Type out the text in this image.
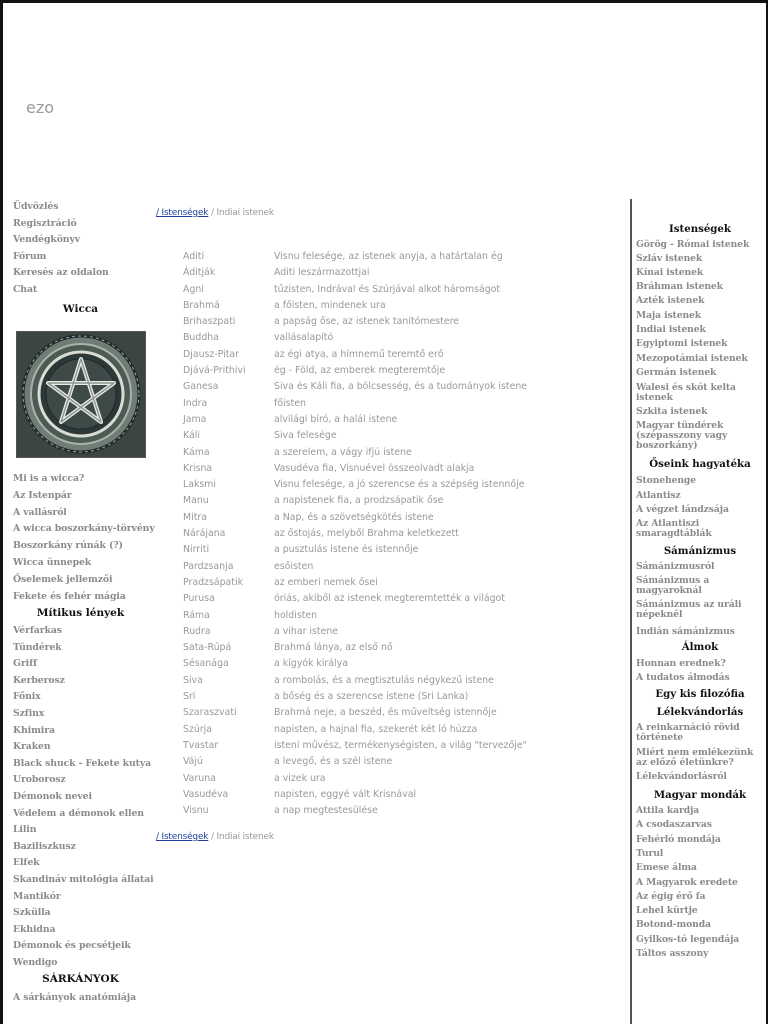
ezo
Üdvözlés
Regisztráció
Vendégkönyv
Fórum
Keresés az oldalon
Chat
Wicca
Mi is a wicca?
Az Istenpár
A vallásról
A wicca boszorkány-törvény
Boszorkány rúnák (?)
Wicca ünnepek
Őselemek jellemzői
Fekete és fehér mágia
Mítikus lények
Vérfarkas
Tündérek
Griff
Kerberosz
Főnix
Szfinx
Khimira
Kraken
Black shuck - Fekete kutya
Uroborosz
Démonok nevei
Védelem a démonok ellen
Lilin
Baziliszkusz
Elfek
Skandináv mitológia állatai
Mantikór
Szkülla
Ekhidna
Démonok és pecsétjeik
Wendigo
SÁRKÁNYOK
A sárkányok anatómiája
/ Istenségek / Indiai istenek
Aditi	Visnu felesége, az istenek anyja, a határtalan ég
Áditják	Aditi leszármazottjai
Agni	tűzisten, Indrával és Szúrjával alkot háromságot
Brahmá	a főisten, mindenek ura
Brihaszpati	a papság őse, az istenek tanítómestere
Buddha	vallásalapító
Djausz-Pitar	az égi atya, a hímnemű teremtő erő
Djává-Prithivi	ég - Föld, az emberek megteremtője
Ganesa	Siva és Káli fia, a bölcsesség, és a tudományok istene
Indra	főisten
Jama	alvilági bíró, a halál istene
Káli	Siva felesége
Káma	a szerelem, a vágy ifjú istene
Krisna	Vasudéva fia, Visnuével összeolvadt alakja
Laksmi	Visnu felesége, a jó szerencse és a szépség istennője
Manu	a napistenek fia, a prodzsápatik őse
Mitra	a Nap, és a szövetségkötés istene
Nárájana	az őstojás, melyből Brahma keletkezett
Nirriti	a pusztulás istene és istennője
Pardzsanja	esőisten
Pradzsápatik	az emberi nemek ősei
Purusa	óriás, akiből az istenek megteremtették a világot
Ráma	holdisten
Rudra	a vihar istene
Sata-Rúpá	Brahmá lánya, az első nő
Sésanága	a kígyók királya
Siva	a rombolás, és a megtisztulás négykezű istene
Sri	a bőség és a szerencse istene (Sri Lanka)
Szaraszvati	Brahmá neje, a beszéd, és műveltség istennője
Szúrja	napisten, a hajnal fia, szekerét két ló húzza
Tvastar	isteni művész, termékenységisten, a világ "tervezője"
Vájú	a levegő, és a szél istene
Varuna	a vizek ura
Vasudéva	napisten, eggyé vált Krisnával
Visnu	a nap megtestesülése
/ Istenségek / Indiai istenek
Istenségek
Görög - Római istenek
Szláv istenek
Kínai istenek
Bráhman istenek
Azték istenek
Maja istenek
Indiai istenek
Egyiptomi istenek
Mezopotámiai istenek
Germán istenek
Walesi és skót kelta istenek
Szkita istenek
Magyar tündérek (szépasszony vagy boszorkány)
Őseink hagyatéka
Stonehenge
Atlantisz
A végzet lándzsája
Az Atlantiszi smaragdtáblák
Sámánizmus
Sámánizmusról
Sámánizmus a magyaroknál
Sámánizmus az uráli népeknél
Indián sámánizmus
Álmok
Honnan erednek?
A tudatos álmodás
Egy kis filozófia
Lélekvándorlás
A reinkarnáció rövid története
Miért nem emlékezünk az előző életünkre?
Lélekvándorlásról
Magyar mondák
Attila kardja
A csodaszarvas
Fehérló mondája
Turul
Emese álma
A Magyarok eredete
Az égig érő fa
Lehel kürtje
Botond-monda
Gyilkos-tó legendája
Táltos asszony
